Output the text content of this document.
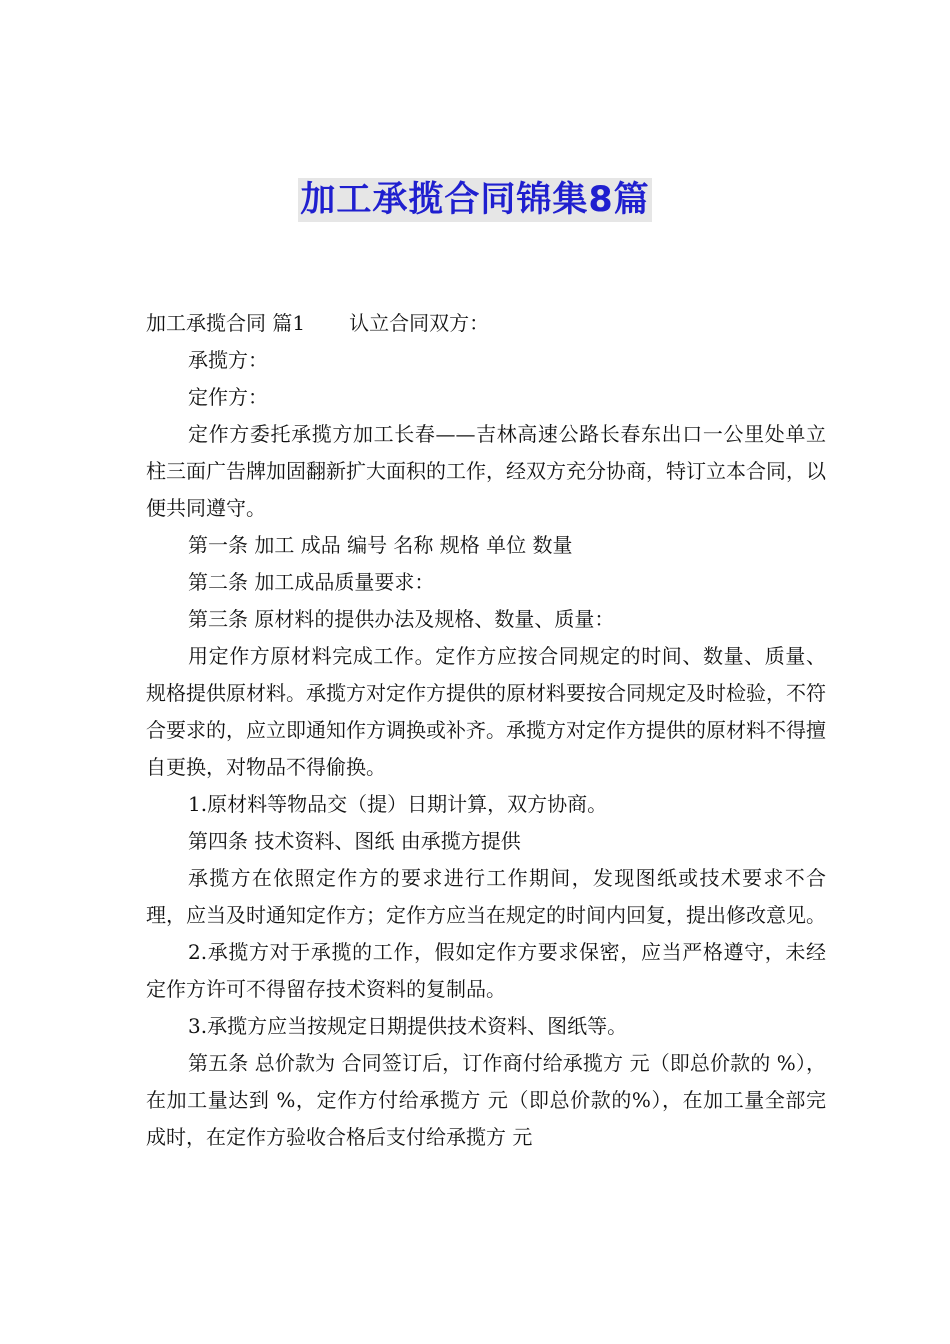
加工承揽合同锦集8篇

加工承揽合同 篇1 认立合同双方：

承揽方：

定作方：

定作方委托承揽方加工长春——吉林高速公路长春东出口一公里处单立柱三面广告牌加固翻新扩大面积的工作，经双方充分协商，特订立本合同，以便共同遵守。

第一条 加工 成品 编号 名称 规格 单位 数量

第二条 加工成品质量要求：

第三条 原材料的提供办法及规格、数量、质量：

用定作方原材料完成工作。定作方应按合同规定的时间、数量、质量、规格提供原材料。承揽方对定作方提供的原材料要按合同规定及时检验，不符合要求的，应立即通知作方调换或补齐。承揽方对定作方提供的原材料不得擅自更换，对物品不得偷换。

1.原材料等物品交（提）日期计算，双方协商。

第四条 技术资料、图纸 由承揽方提供

承揽方在依照定作方的要求进行工作期间，发现图纸或技术要求不合理，应当及时通知定作方；定作方应当在规定的时间内回复，提出修改意见。

2.承揽方对于承揽的工作，假如定作方要求保密，应当严格遵守，未经定作方许可不得留存技术资料的复制品。

3.承揽方应当按规定日期提供技术资料、图纸等。

第五条 总价款为 合同签订后，订作商付给承揽方 元（即总价款的 %），在加工量达到 %，定作方付给承揽方 元（即总价款的%），在加工量全部完成时，在定作方验收合格后支付给承揽方 元
